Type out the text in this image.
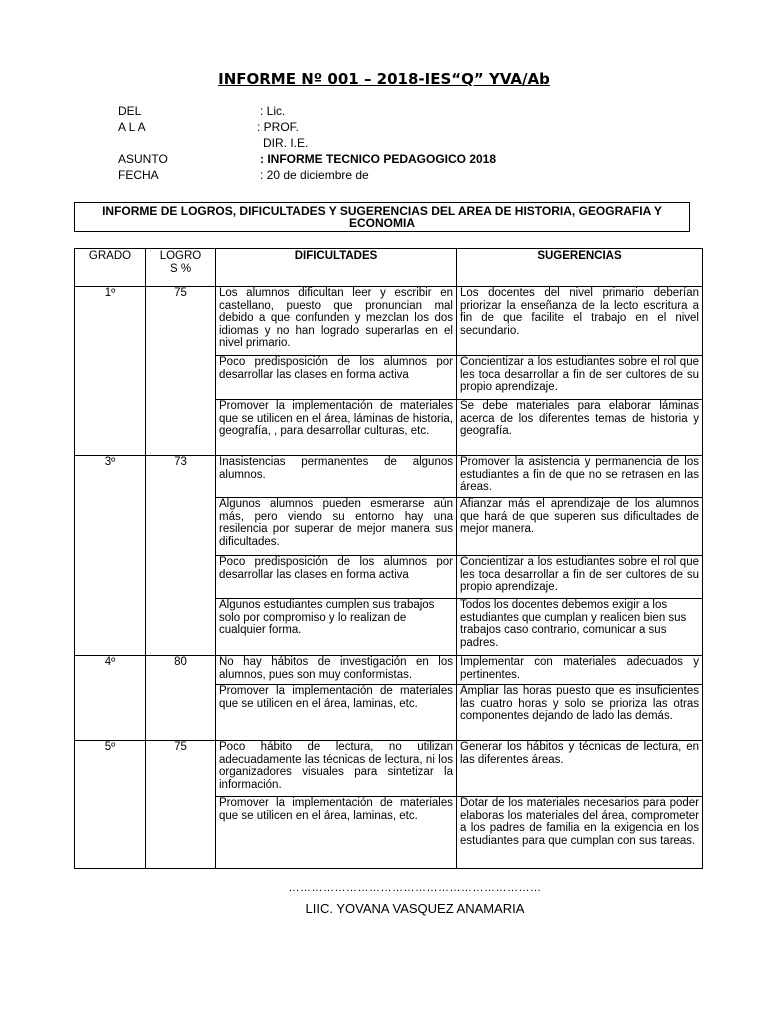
INFORME Nº 001 – 2018-IES“Q” YVA/Ab
DEL	: Lic.
A L A	: PROF.
DIR. I.E.
ASUNTO	: INFORME TECNICO PEDAGOGICO 2018
FECHA	: 20 de diciembre de
INFORME DE LOGROS, DIFICULTADES Y SUGERENCIAS DEL AREA DE HISTORIA, GEOGRAFIA Y ECONOMIA
GRADO	LOGRO S %	DIFICULTADES	SUGERENCIAS
1º	75	Los alumnos dificultan leer y escribir en castellano, puesto que pronuncian mal debido a que confunden y mezclan los dos idiomas y no han logrado superarlas en el nivel primario.	Los docentes del nivel primario deberían priorizar la enseñanza de la lecto escritura a fin de que facilite el trabajo en el nivel secundario.
		Poco predisposición de los alumnos por desarrollar las clases en forma activa	Concientizar a los estudiantes sobre el rol que les toca desarrollar a fin de ser cultores de su propio aprendizaje.
		Promover la implementación de materiales que se utilicen en el área, láminas de historia, geografía, , para desarrollar culturas, etc.	Se debe materiales para elaborar láminas acerca de los diferentes temas de historia y geografía.
3º	73	Inasistencias permanentes de algunos alumnos.	Promover la asistencia y permanencia de los estudiantes a fin de que no se retrasen en las áreas.
		Algunos alumnos pueden esmerarse aún más, pero viendo su entorno hay una resilencia por superar de mejor manera sus dificultades.	Afianzar más el aprendizaje de los alumnos que hará de que superen sus dificultades de mejor manera.
		Poco predisposición de los alumnos por desarrollar las clases en forma activa	Concientizar a los estudiantes sobre el rol que les toca desarrollar a fin de ser cultores de su propio aprendizaje.
		Algunos estudiantes cumplen sus trabajos solo por compromiso y lo realizan de cualquier forma.	Todos los docentes debemos exigir a los estudiantes que cumplan y realicen bien sus trabajos caso contrario, comunicar a sus padres.
4º	80	No hay hábitos de investigación en los alumnos, pues son muy conformistas.	Implementar con materiales adecuados y pertinentes.
		Promover la implementación de materiales que se utilicen en el área, laminas, etc.	Ampliar las horas puesto que es insuficientes las cuatro horas y solo se prioriza las otras componentes dejando de lado las demás.
5º	75	Poco hábito de lectura, no utilizan adecuadamente las técnicas de lectura, ni los organizadores visuales para sintetizar la información.	Generar los hábitos y técnicas de lectura, en las diferentes áreas.
		Promover la implementación de materiales que se utilicen en el área, laminas, etc.	Dotar de los materiales necesarios para poder elaboras los materiales del área, comprometer a los padres de familia en la exigencia en los estudiantes para que cumplan con sus tareas.
…………………………………………………………
LIIC. YOVANA VASQUEZ ANAMARIA
